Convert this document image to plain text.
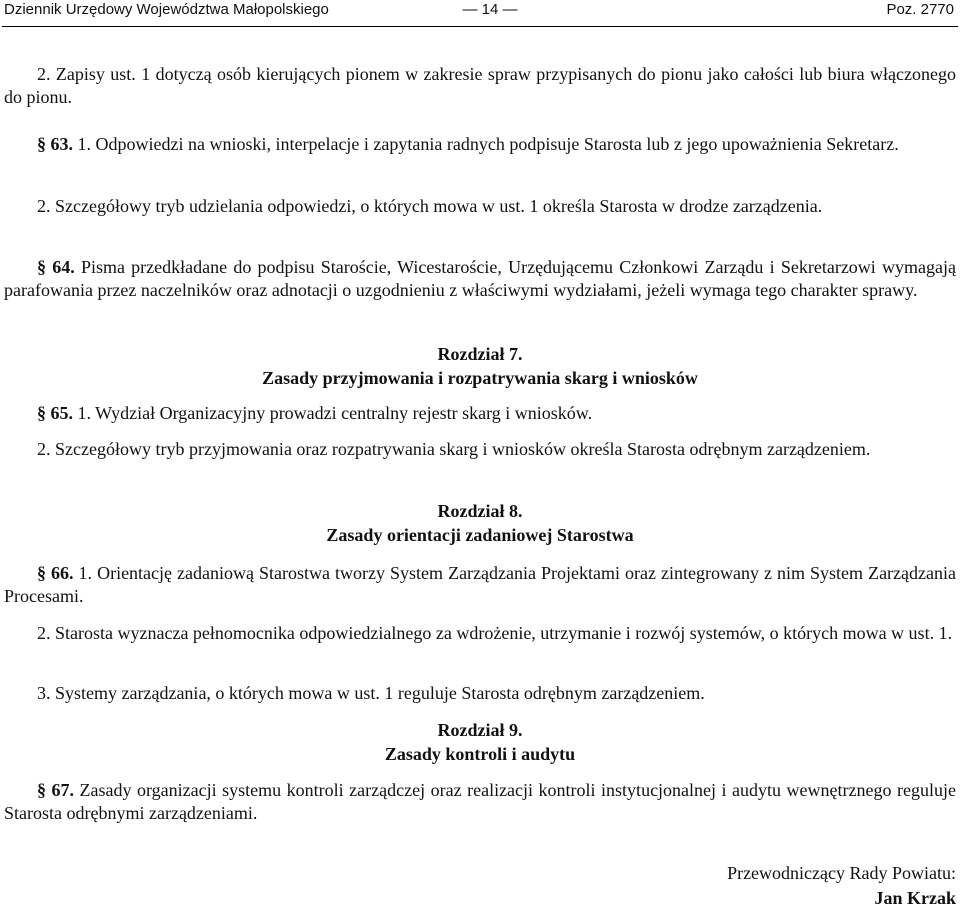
Dziennik Urzędowy Województwa Małopolskiego	— 14 —	Poz. 2770

2. Zapisy ust. 1 dotyczą osób kierujących pionem w zakresie spraw przypisanych do pionu jako całości lub biura włączonego do pionu.

§ 63. 1. Odpowiedzi na wnioski, interpelacje i zapytania radnych podpisuje Starosta lub z jego upoważnienia Sekretarz.

2. Szczegółowy tryb udzielania odpowiedzi, o których mowa w ust. 1 określa Starosta w drodze zarządzenia.

§ 64. Pisma przedkładane do podpisu Staroście, Wicestaroście, Urzędującemu Członkowi Zarządu i Sekretarzowi wymagają parafowania przez naczelników oraz adnotacji o uzgodnieniu z właściwymi wydziałami, jeżeli wymaga tego charakter sprawy.

Rozdział 7.
Zasady przyjmowania i rozpatrywania skarg i wniosków

§ 65. 1. Wydział Organizacyjny prowadzi centralny rejestr skarg i wniosków.

2. Szczegółowy tryb przyjmowania oraz rozpatrywania skarg i wniosków określa Starosta odrębnym zarządzeniem.

Rozdział 8.
Zasady orientacji zadaniowej Starostwa

§ 66. 1. Orientację zadaniową Starostwa tworzy System Zarządzania Projektami oraz zintegrowany z nim System Zarządzania Procesami.

2. Starosta wyznacza pełnomocnika odpowiedzialnego za wdrożenie, utrzymanie i rozwój systemów, o których mowa w ust. 1.

3. Systemy zarządzania, o których mowa w ust. 1 reguluje Starosta odrębnym zarządzeniem.

Rozdział 9.
Zasady kontroli i audytu

§ 67. Zasady organizacji systemu kontroli zarządczej oraz realizacji kontroli instytucjonalnej i audytu wewnętrznego reguluje Starosta odrębnymi zarządzeniami.

Przewodniczący Rady Powiatu:
Jan Krzak
